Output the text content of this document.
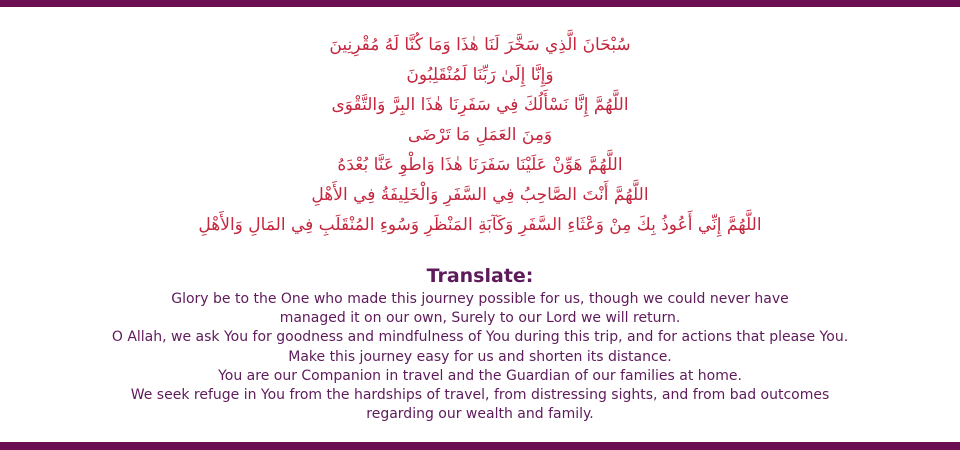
سُبْحَانَ الَّذِي سَخَّرَ لَنَا هٰذَا وَمَا كُنَّا لَهُ مُقْرِنِينَ
وَإِنَّا إِلَىٰ رَبِّنَا لَمُنْقَلِبُونَ
اللَّهُمَّ إِنَّا نَسْأَلُكَ فِي سَفَرِنَا هٰذَا البِرَّ وَالتَّقْوَى
وَمِنَ العَمَلِ مَا تَرْضَى
اللَّهُمَّ هَوِّنْ عَلَيْنَا سَفَرَنَا هٰذَا وَاطْوِ عَنَّا بُعْدَهُ
اللَّهُمَّ أَنْتَ الصَّاحِبُ فِي السَّفَرِ وَالْخَلِيفَةُ فِي الأَهْلِ
اللَّهُمَّ إِنِّي أَعُوذُ بِكَ مِنْ وَعْثَاءِ السَّفَرِ وَكَآبَةِ المَنْظَرِ وَسُوءِ المُنْقَلَبِ فِي المَالِ وَالأَهْلِ
Translate:
Glory be to the One who made this journey possible for us, though we could never have
managed it on our own, Surely to our Lord we will return.
O Allah, we ask You for goodness and mindfulness of You during this trip, and for actions that please You.
Make this journey easy for us and shorten its distance.
You are our Companion in travel and the Guardian of our families at home.
We seek refuge in You from the hardships of travel, from distressing sights, and from bad outcomes
regarding our wealth and family.
